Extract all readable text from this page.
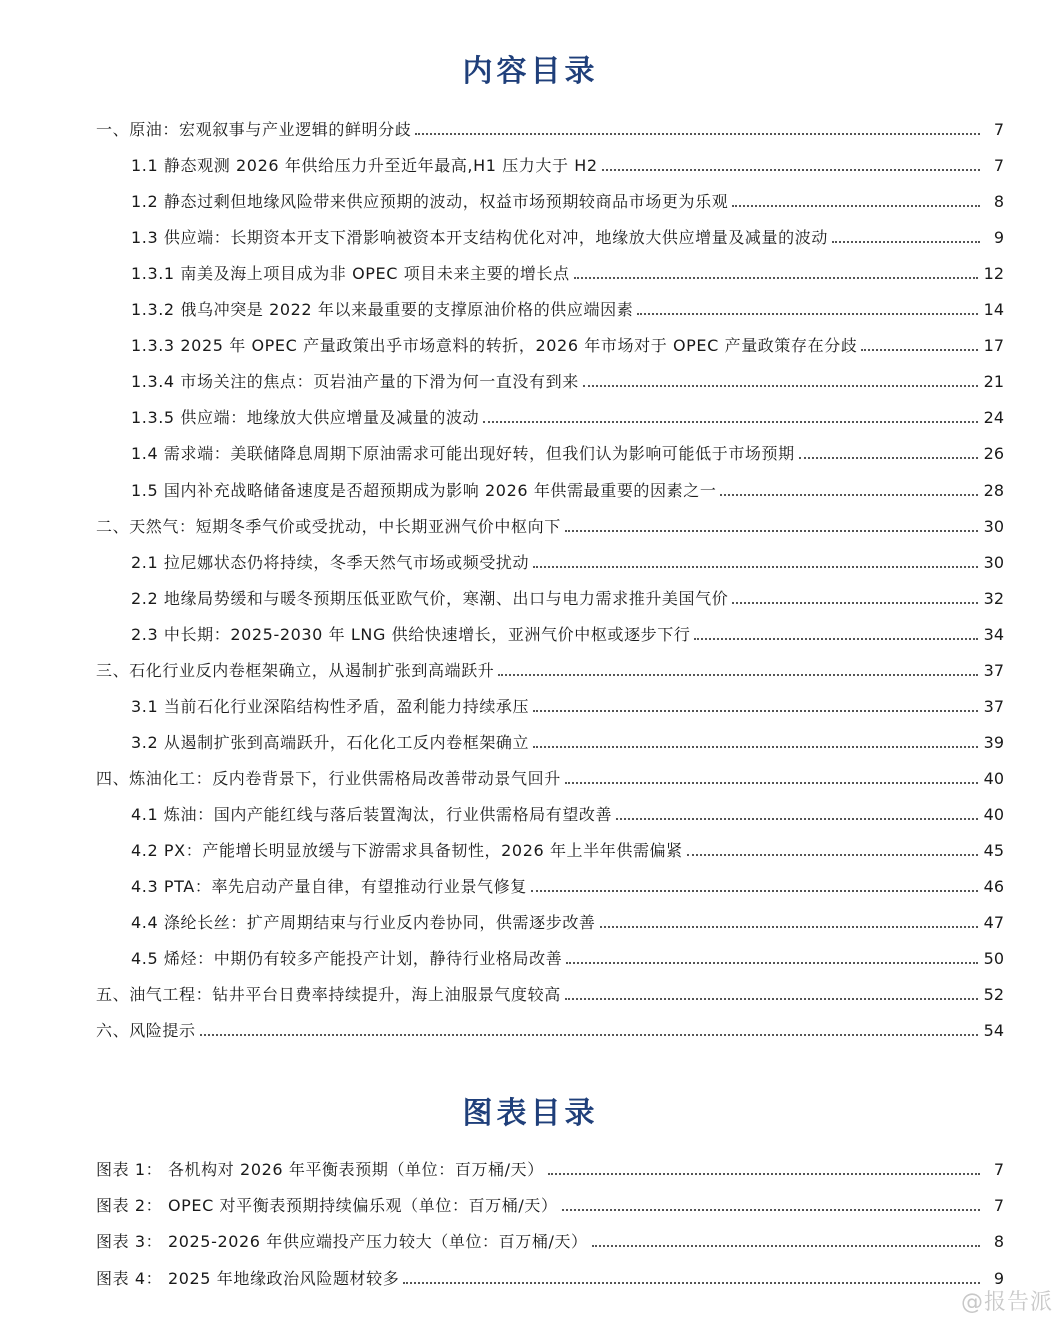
内容目录
一、原油：宏观叙事与产业逻辑的鲜明分歧	7
1.1 静态观测 2026 年供给压力升至近年最高,H1 压力大于 H2	7
1.2 静态过剩但地缘风险带来供应预期的波动，权益市场预期较商品市场更为乐观	8
1.3 供应端：长期资本开支下滑影响被资本开支结构优化对冲，地缘放大供应增量及减量的波动	9
1.3.1 南美及海上项目成为非 OPEC 项目未来主要的增长点	12
1.3.2 俄乌冲突是 2022 年以来最重要的支撑原油价格的供应端因素	14
1.3.3 2025 年 OPEC 产量政策出乎市场意料的转折，2026 年市场对于 OPEC 产量政策存在分歧	17
1.3.4 市场关注的焦点：页岩油产量的下滑为何一直没有到来	21
1.3.5 供应端：地缘放大供应增量及减量的波动	24
1.4 需求端：美联储降息周期下原油需求可能出现好转，但我们认为影响可能低于市场预期	26
1.5 国内补充战略储备速度是否超预期成为影响 2026 年供需最重要的因素之一	28
二、天然气：短期冬季气价或受扰动，中长期亚洲气价中枢向下	30
2.1 拉尼娜状态仍将持续，冬季天然气市场或频受扰动	30
2.2 地缘局势缓和与暖冬预期压低亚欧气价，寒潮、出口与电力需求推升美国气价	32
2.3 中长期：2025-2030 年 LNG 供给快速增长，亚洲气价中枢或逐步下行	34
三、石化行业反内卷框架确立，从遏制扩张到高端跃升	37
3.1 当前石化行业深陷结构性矛盾，盈利能力持续承压	37
3.2 从遏制扩张到高端跃升，石化化工反内卷框架确立	39
四、炼油化工：反内卷背景下，行业供需格局改善带动景气回升	40
4.1 炼油：国内产能红线与落后装置淘汰，行业供需格局有望改善	40
4.2 PX：产能增长明显放缓与下游需求具备韧性，2026 年上半年供需偏紧	45
4.3 PTA：率先启动产量自律，有望推动行业景气修复	46
4.4 涤纶长丝：扩产周期结束与行业反内卷协同，供需逐步改善	47
4.5 烯烃：中期仍有较多产能投产计划，静待行业格局改善	50
五、油气工程：钻井平台日费率持续提升，海上油服景气度较高	52
六、风险提示	54
图表目录
图表 1： 各机构对 2026 年平衡表预期（单位：百万桶/天）	7
图表 2： OPEC 对平衡表预期持续偏乐观（单位：百万桶/天）	7
图表 3： 2025-2026 年供应端投产压力较大（单位：百万桶/天）	8
图表 4： 2025 年地缘政治风险题材较多	9
@报告派
